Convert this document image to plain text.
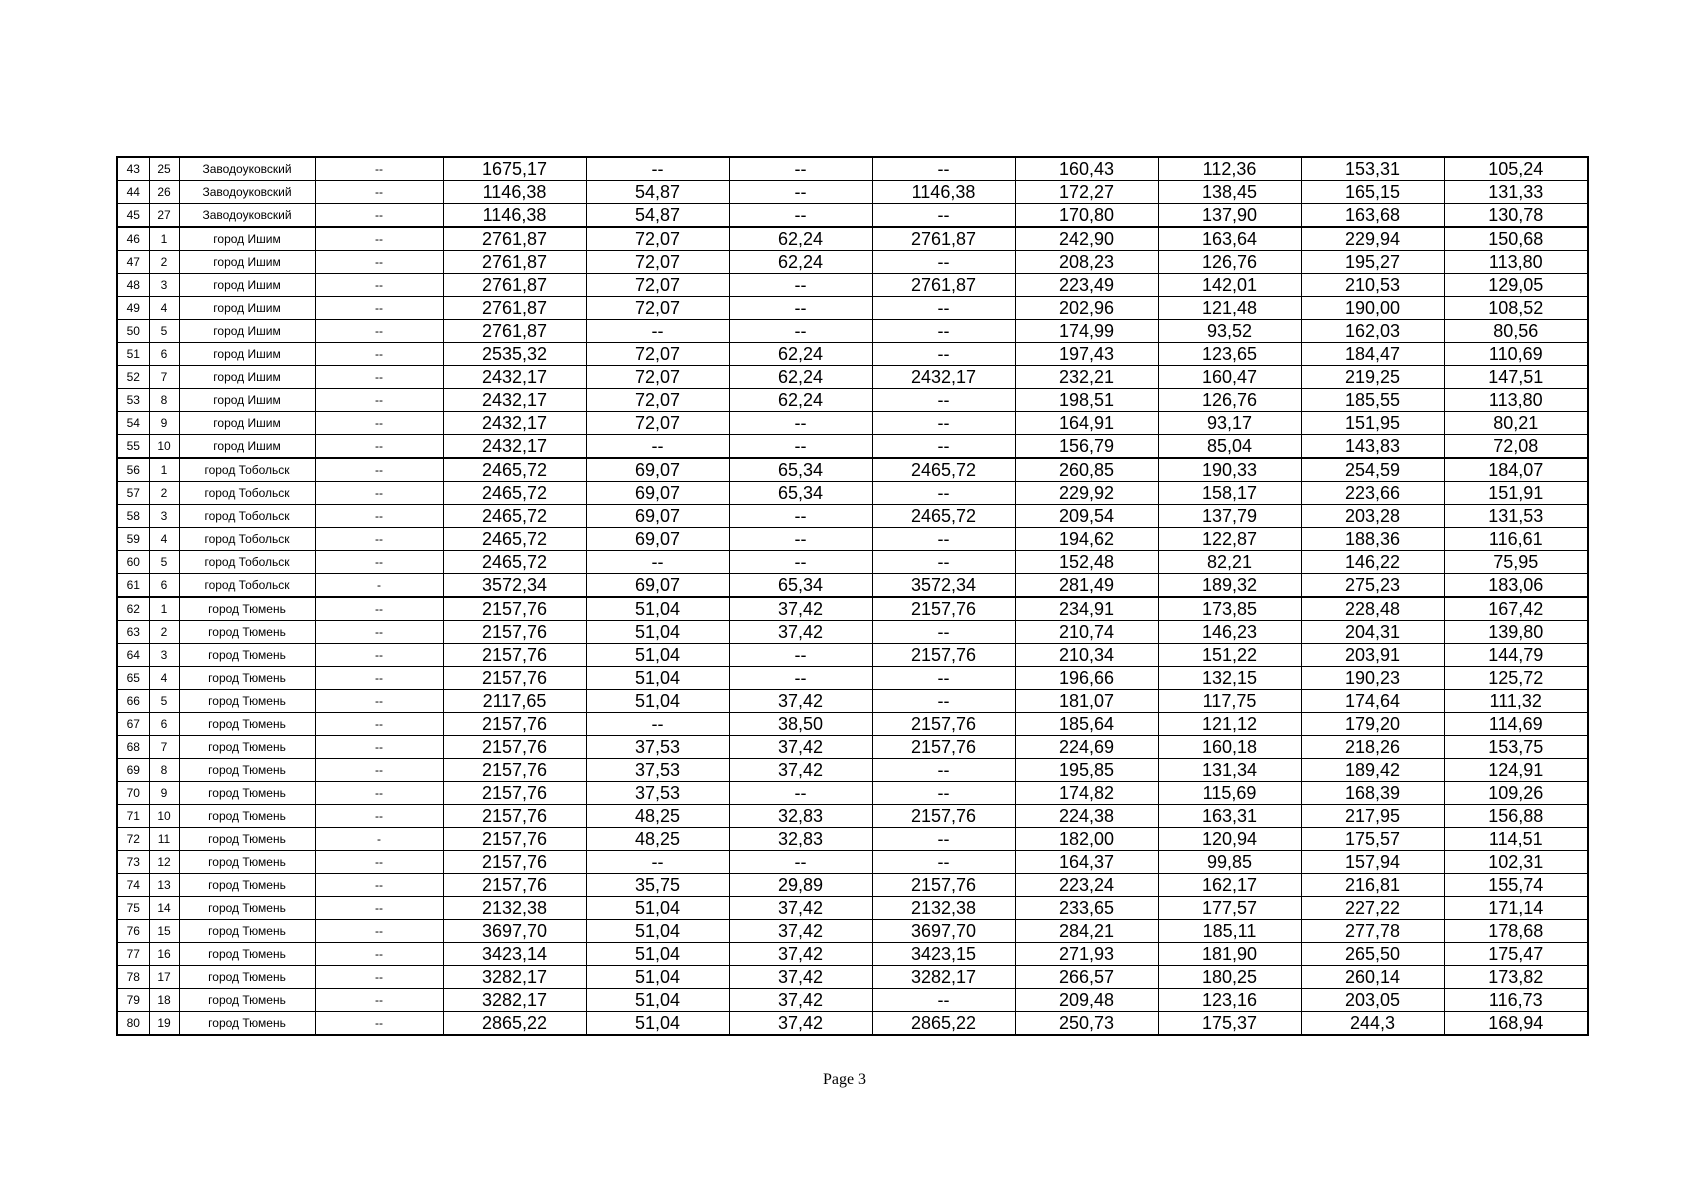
43	25	Заводоуковский	--	1675,17	--	--	--	160,43	112,36	153,31	105,24
44	26	Заводоуковский	--	1146,38	54,87	--	1146,38	172,27	138,45	165,15	131,33
45	27	Заводоуковский	--	1146,38	54,87	--	--	170,80	137,90	163,68	130,78
46	1	город Ишим	--	2761,87	72,07	62,24	2761,87	242,90	163,64	229,94	150,68
47	2	город Ишим	--	2761,87	72,07	62,24	--	208,23	126,76	195,27	113,80
48	3	город Ишим	--	2761,87	72,07	--	2761,87	223,49	142,01	210,53	129,05
49	4	город Ишим	--	2761,87	72,07	--	--	202,96	121,48	190,00	108,52
50	5	город Ишим	--	2761,87	--	--	--	174,99	93,52	162,03	80,56
51	6	город Ишим	--	2535,32	72,07	62,24	--	197,43	123,65	184,47	110,69
52	7	город Ишим	--	2432,17	72,07	62,24	2432,17	232,21	160,47	219,25	147,51
53	8	город Ишим	--	2432,17	72,07	62,24	--	198,51	126,76	185,55	113,80
54	9	город Ишим	--	2432,17	72,07	--	--	164,91	93,17	151,95	80,21
55	10	город Ишим	--	2432,17	--	--	--	156,79	85,04	143,83	72,08
56	1	город Тобольск	--	2465,72	69,07	65,34	2465,72	260,85	190,33	254,59	184,07
57	2	город Тобольск	--	2465,72	69,07	65,34	--	229,92	158,17	223,66	151,91
58	3	город Тобольск	--	2465,72	69,07	--	2465,72	209,54	137,79	203,28	131,53
59	4	город Тобольск	--	2465,72	69,07	--	--	194,62	122,87	188,36	116,61
60	5	город Тобольск	--	2465,72	--	--	--	152,48	82,21	146,22	75,95
61	6	город Тобольск	-	3572,34	69,07	65,34	3572,34	281,49	189,32	275,23	183,06
62	1	город Тюмень	--	2157,76	51,04	37,42	2157,76	234,91	173,85	228,48	167,42
63	2	город Тюмень	--	2157,76	51,04	37,42	--	210,74	146,23	204,31	139,80
64	3	город Тюмень	--	2157,76	51,04	--	2157,76	210,34	151,22	203,91	144,79
65	4	город Тюмень	--	2157,76	51,04	--	--	196,66	132,15	190,23	125,72
66	5	город Тюмень	--	2117,65	51,04	37,42	--	181,07	117,75	174,64	111,32
67	6	город Тюмень	--	2157,76	--	38,50	2157,76	185,64	121,12	179,20	114,69
68	7	город Тюмень	--	2157,76	37,53	37,42	2157,76	224,69	160,18	218,26	153,75
69	8	город Тюмень	--	2157,76	37,53	37,42	--	195,85	131,34	189,42	124,91
70	9	город Тюмень	--	2157,76	37,53	--	--	174,82	115,69	168,39	109,26
71	10	город Тюмень	--	2157,76	48,25	32,83	2157,76	224,38	163,31	217,95	156,88
72	11	город Тюмень	-	2157,76	48,25	32,83	--	182,00	120,94	175,57	114,51
73	12	город Тюмень	--	2157,76	--	--	--	164,37	99,85	157,94	102,31
74	13	город Тюмень	--	2157,76	35,75	29,89	2157,76	223,24	162,17	216,81	155,74
75	14	город Тюмень	--	2132,38	51,04	37,42	2132,38	233,65	177,57	227,22	171,14
76	15	город Тюмень	--	3697,70	51,04	37,42	3697,70	284,21	185,11	277,78	178,68
77	16	город Тюмень	--	3423,14	51,04	37,42	3423,15	271,93	181,90	265,50	175,47
78	17	город Тюмень	--	3282,17	51,04	37,42	3282,17	266,57	180,25	260,14	173,82
79	18	город Тюмень	--	3282,17	51,04	37,42	--	209,48	123,16	203,05	116,73
80	19	город Тюмень	--	2865,22	51,04	37,42	2865,22	250,73	175,37	244,3	168,94
Page 3
